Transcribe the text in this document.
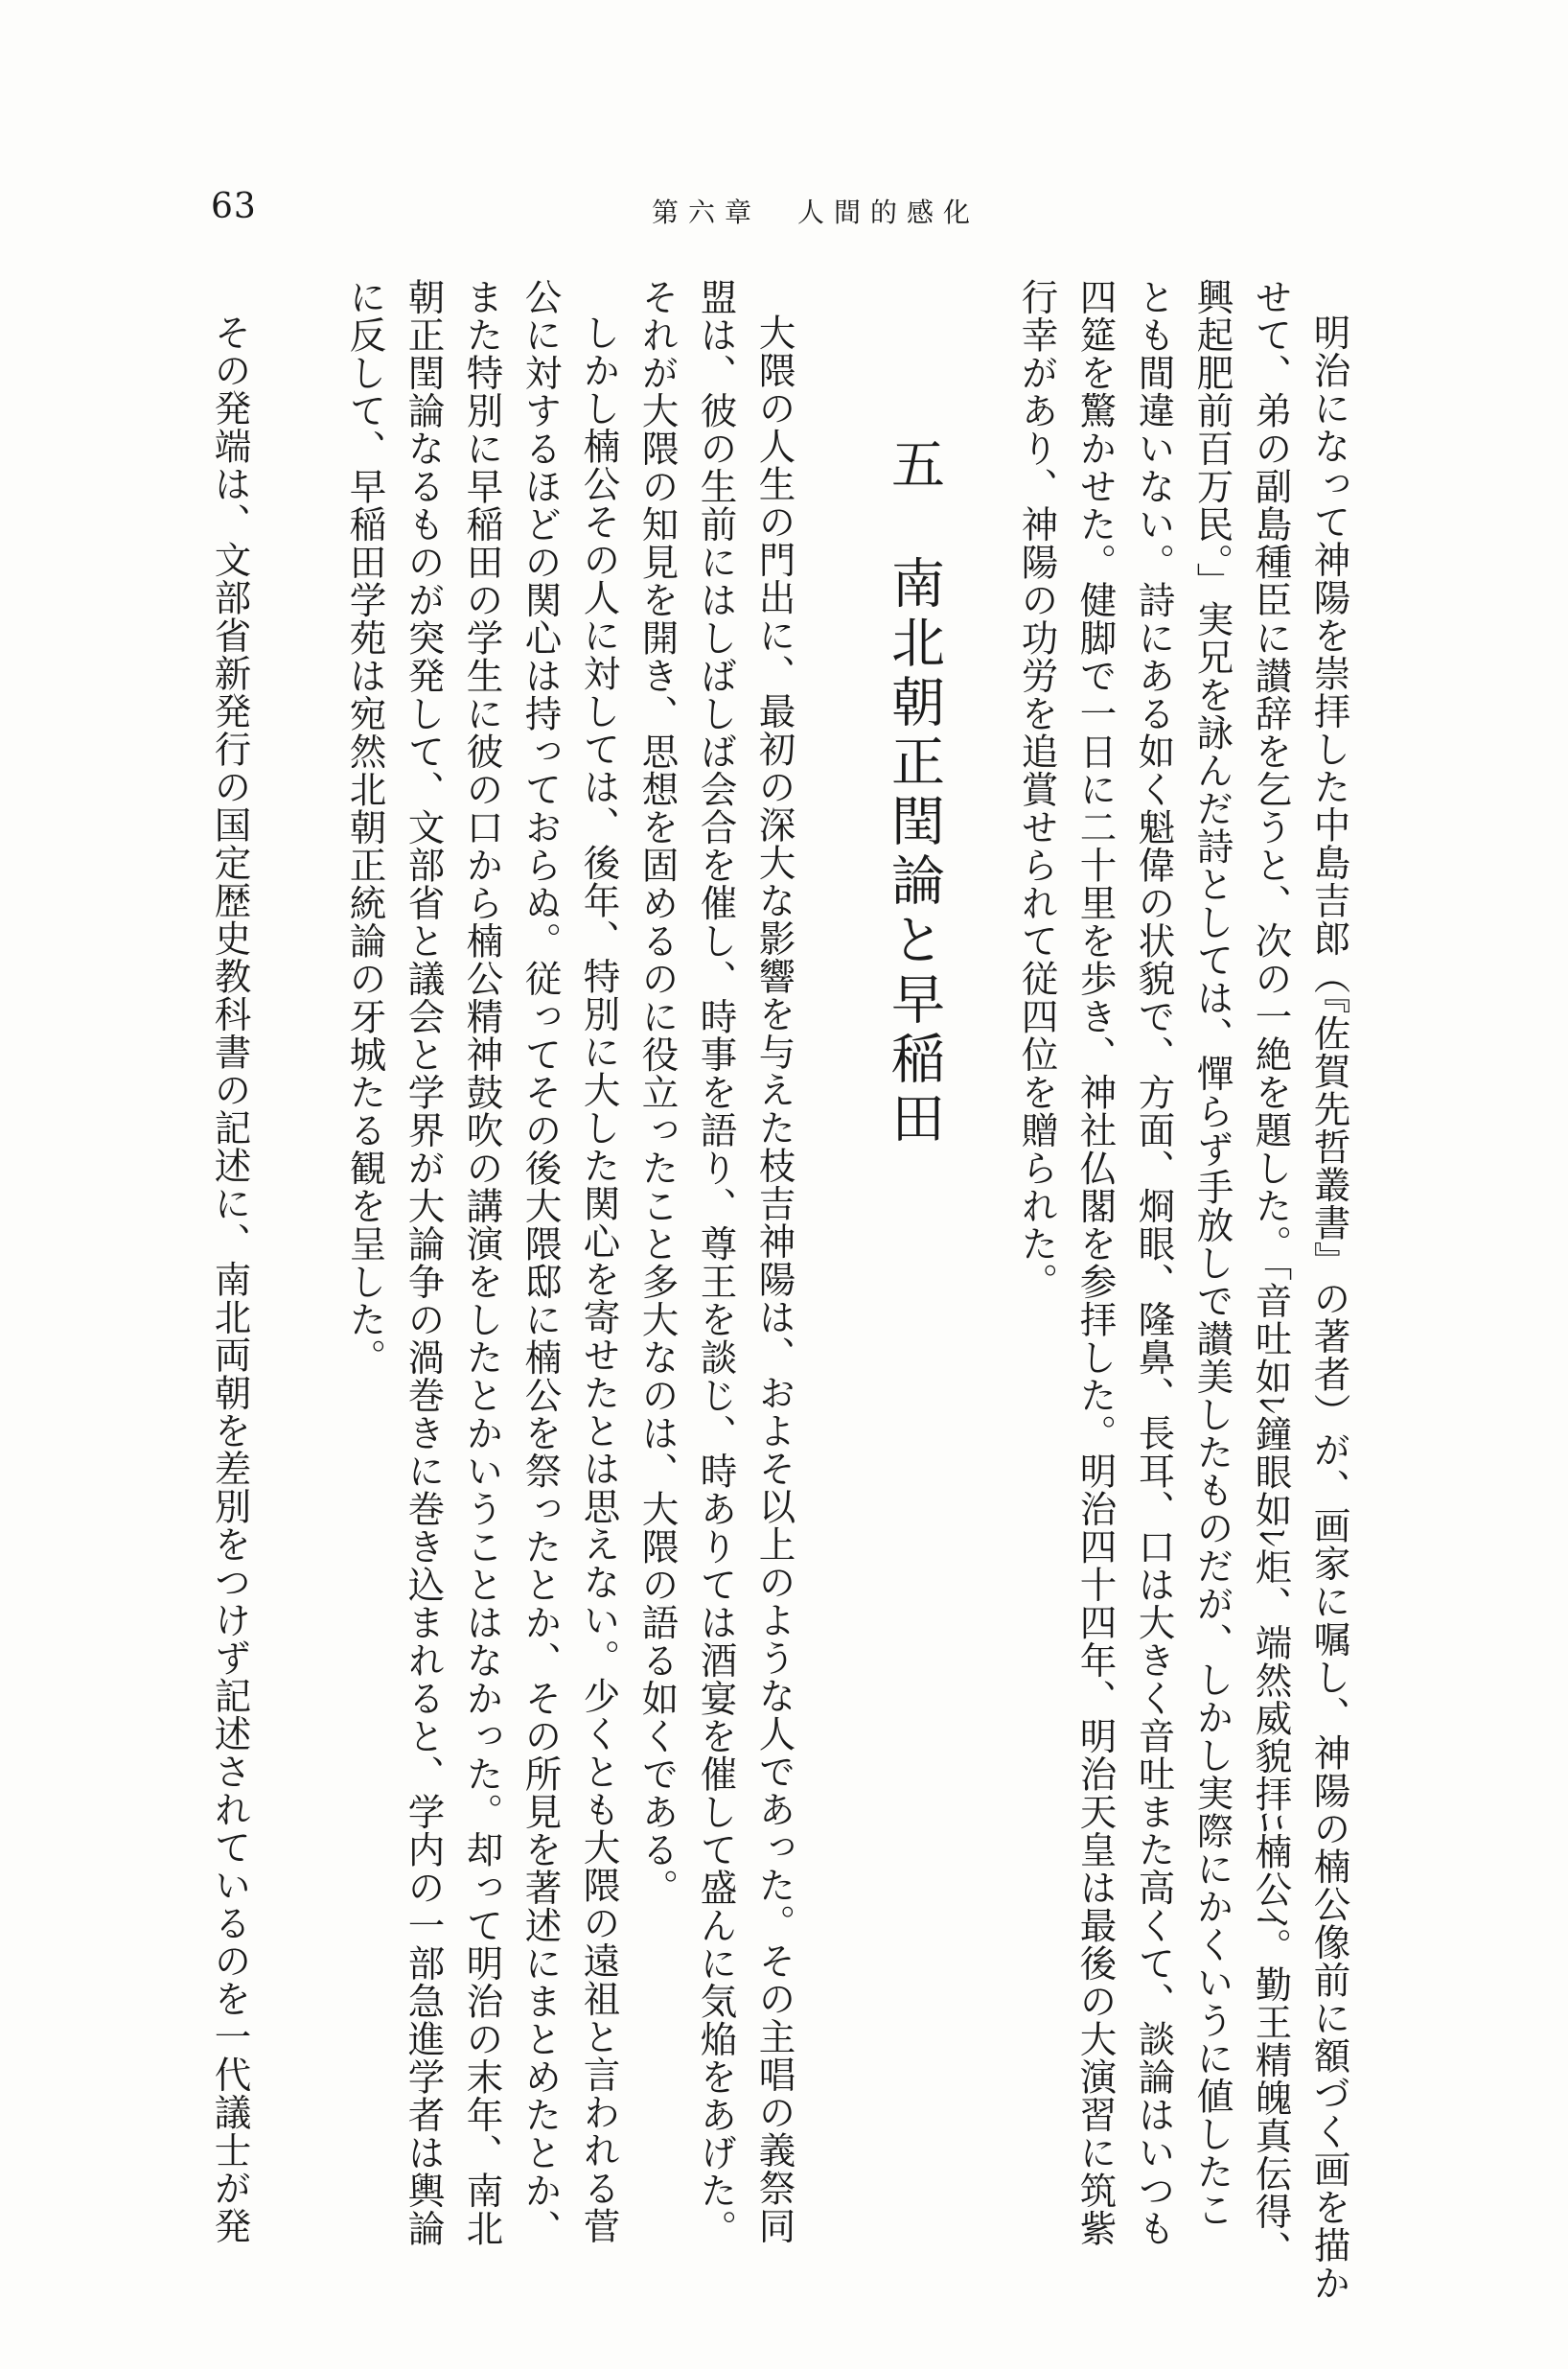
63	第六章　人間的感化
明治になって神陽を崇拝した中島吉郎（『佐賀先哲叢書』の著者）が、画家に嘱し、神陽の楠公像前に額づく画を描か
せて、弟の副島種臣に讃辞を乞うと、次の一絶を題した。「音吐如ﾚ鐘眼如ﾚ炬、端然威貌拝ﾆ楠公ｲ。勤王精魄真伝得、
興起肥前百万民。」実兄を詠んだ詩としては、憚らず手放しで讃美したものだが、しかし実際にかくいうに値したこ
とも間違いない。詩にある如く魁偉の状貌で、方面、烱眼、隆鼻、長耳、口は大きく音吐また高くて、談論はいつも
四筵を驚かせた。健脚で一日に二十里を歩き、神社仏閣を参拝した。明治四十四年、明治天皇は最後の大演習に筑紫
行幸があり、神陽の功労を追賞せられて従四位を贈られた。
五　南北朝正閏論と早稲田
大隈の人生の門出に、最初の深大な影響を与えた枝吉神陽は、およそ以上のような人であった。その主唱の義祭同
盟は、彼の生前にはしばしば会合を催し、時事を語り、尊王を談じ、時ありては酒宴を催して盛んに気焔をあげた。
それが大隈の知見を開き、思想を固めるのに役立ったこと多大なのは、大隈の語る如くである。
しかし楠公その人に対しては、後年、特別に大した関心を寄せたとは思えない。少くとも大隈の遠祖と言われる菅
公に対するほどの関心は持っておらぬ。従ってその後大隈邸に楠公を祭ったとか、その所見を著述にまとめたとか、
また特別に早稲田の学生に彼の口から楠公精神鼓吹の講演をしたとかいうことはなかった。却って明治の末年、南北
朝正閏論なるものが突発して、文部省と議会と学界が大論争の渦巻きに巻き込まれると、学内の一部急進学者は輿論
に反して、早稲田学苑は宛然北朝正統論の牙城たる観を呈した。
その発端は、文部省新発行の国定歴史教科書の記述に、南北両朝を差別をつけず記述されているのを一代議士が発
